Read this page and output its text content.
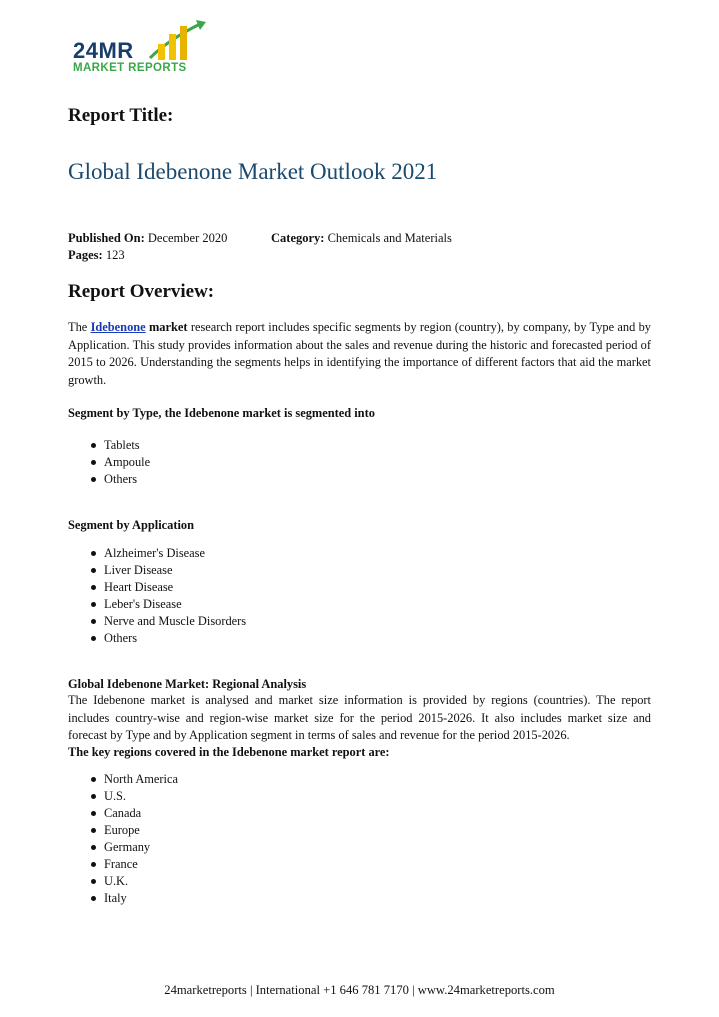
24MR
MARKET REPORTS
Report Title:
Global Idebenone Market Outlook 2021
Published On: December 2020	Category: Chemicals and Materials
Pages: 123
Report Overview:
The Idebenone market research report includes specific segments by region (country), by company, by Type and by Application. This study provides information about the sales and revenue during the historic and forecasted period of 2015 to 2026. Understanding the segments helps in identifying the importance of different factors that aid the market growth.
Segment by Type, the Idebenone market is segmented into
Tablets
Ampoule
Others
Segment by Application
Alzheimer's Disease
Liver Disease
Heart Disease
Leber's Disease
Nerve and Muscle Disorders
Others
Global Idebenone Market: Regional Analysis
The Idebenone market is analysed and market size information is provided by regions (countries). The report includes country-wise and region-wise market size for the period 2015-2026. It also includes market size and forecast by Type and by Application segment in terms of sales and revenue for the period 2015-2026.
The key regions covered in the Idebenone market report are:
North America
U.S.
Canada
Europe
Germany
France
U.K.
Italy
24marketreports | International +1 646 781 7170 | www.24marketreports.com
